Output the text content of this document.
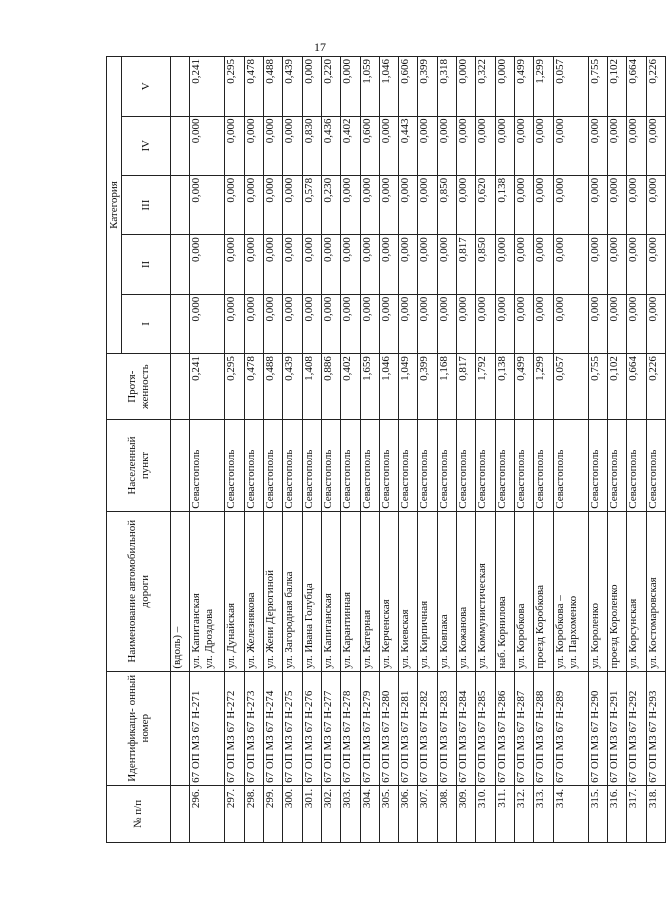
17
№ п/п	Идентификаци- онный номер	Наименование автомобильной дороги	Населенный пункт	Протя- женность	Категория				
					I	II	III	IV	V
		(вдоль) –							
296.	67 ОП МЗ 67 Н-271	ул. Капитанская ул. Дроздова	Севастополь	0,241	0,000	0,000	0,000	0,000	0,241
297.	67 ОП МЗ 67 Н-272	ул. Дунайская	Севастополь	0,295	0,000	0,000	0,000	0,000	0,295
298.	67 ОП МЗ 67 Н-273	ул. Железнякова	Севастополь	0,478	0,000	0,000	0,000	0,000	0,478
299.	67 ОП МЗ 67 Н-274	ул. Жени Дерюгиной	Севастополь	0,488	0,000	0,000	0,000	0,000	0,488
300.	67 ОП МЗ 67 Н-275	ул. Загородная балка	Севастополь	0,439	0,000	0,000	0,000	0,000	0,439
301.	67 ОП МЗ 67 Н-276	ул. Ивана Голубца	Севастополь	1,408	0,000	0,000	0,578	0,830	0,000
302.	67 ОП МЗ 67 Н-277	ул. Капитанская	Севастополь	0,886	0,000	0,000	0,230	0,436	0,220
303.	67 ОП МЗ 67 Н-278	ул. Карантинная	Севастополь	0,402	0,000	0,000	0,000	0,402	0,000
304.	67 ОП МЗ 67 Н-279	ул. Катерная	Севастополь	1,659	0,000	0,000	0,000	0,600	1,059
305.	67 ОП МЗ 67 Н-280	ул. Керченская	Севастополь	1,046	0,000	0,000	0,000	0,000	1,046
306.	67 ОП МЗ 67 Н-281	ул. Киевская	Севастополь	1,049	0,000	0,000	0,000	0,443	0,606
307.	67 ОП МЗ 67 Н-282	ул. Кирпичная	Севастополь	0,399	0,000	0,000	0,000	0,000	0,399
308.	67 ОП МЗ 67 Н-283	ул. Ковпака	Севастополь	1,168	0,000	0,000	0,850	0,000	0,318
309.	67 ОП МЗ 67 Н-284	ул. Кожанова	Севастополь	0,817	0,000	0,817	0,000	0,000	0,000
310.	67 ОП МЗ 67 Н-285	ул. Коммунистическая	Севастополь	1,792	0,000	0,850	0,620	0,000	0,322
311.	67 ОП МЗ 67 Н-286	наб. Корнилова	Севастополь	0,138	0,000	0,000	0,138	0,000	0,000
312.	67 ОП МЗ 67 Н-287	ул. Коробкова	Севастополь	0,499	0,000	0,000	0,000	0,000	0,499
313.	67 ОП МЗ 67 Н-288	проезд Коробкова	Севастополь	1,299	0,000	0,000	0,000	0,000	1,299
314.	67 ОП МЗ 67 Н-289	ул. Коробкова – ул. Пархоменко	Севастополь	0,057	0,000	0,000	0,000	0,000	0,057
315.	67 ОП МЗ 67 Н-290	ул. Короленко	Севастополь	0,755	0,000	0,000	0,000	0,000	0,755
316.	67 ОП МЗ 67 Н-291	проезд Короленко	Севастополь	0,102	0,000	0,000	0,000	0,000	0,102
317.	67 ОП МЗ 67 Н-292	ул. Корсунская	Севастополь	0,664	0,000	0,000	0,000	0,000	0,664
318.	67 ОП МЗ 67 Н-293	ул. Костомаровская	Севастополь	0,226	0,000	0,000	0,000	0,000	0,226
